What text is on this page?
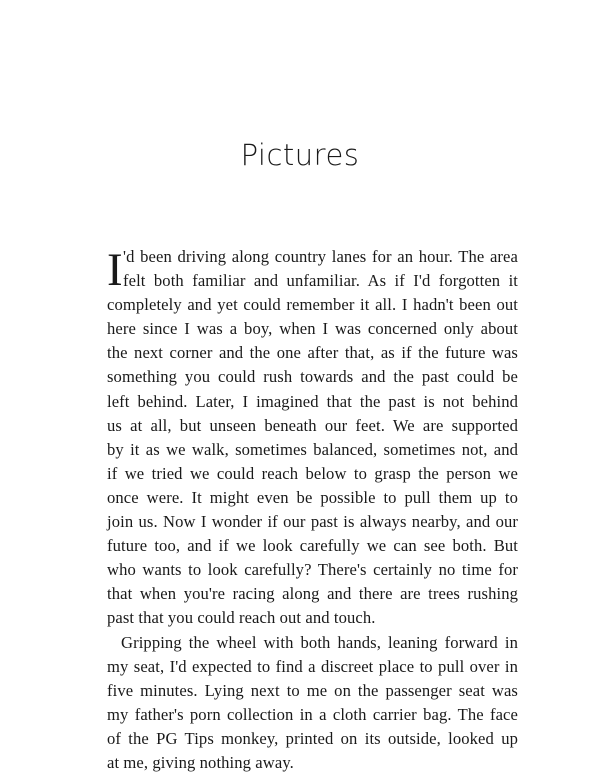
Pictures
I 'd been driving along country lanes for an hour. The area
felt both familiar and unfamiliar. As if I'd forgotten it
completely and yet could remember it all. I hadn't been out
here since I was a boy, when I was concerned only about
the next corner and the one after that, as if the future was
something you could rush towards and the past could be
left behind. Later, I imagined that the past is not behind
us at all, but unseen beneath our feet. We are supported
by it as we walk, sometimes balanced, sometimes not, and
if we tried we could reach below to grasp the person we
once were. It might even be possible to pull them up to
join us. Now I wonder if our past is always nearby, and our
future too, and if we look carefully we can see both. But
who wants to look carefully? There's certainly no time for
that when you're racing along and there are trees rushing
past that you could reach out and touch.
Gripping the wheel with both hands, leaning forward in
my seat, I'd expected to find a discreet place to pull over in
five minutes. Lying next to me on the passenger seat was
my father's porn collection in a cloth carrier bag. The face
of the PG Tips monkey, printed on its outside, looked up
at me, giving nothing away.
